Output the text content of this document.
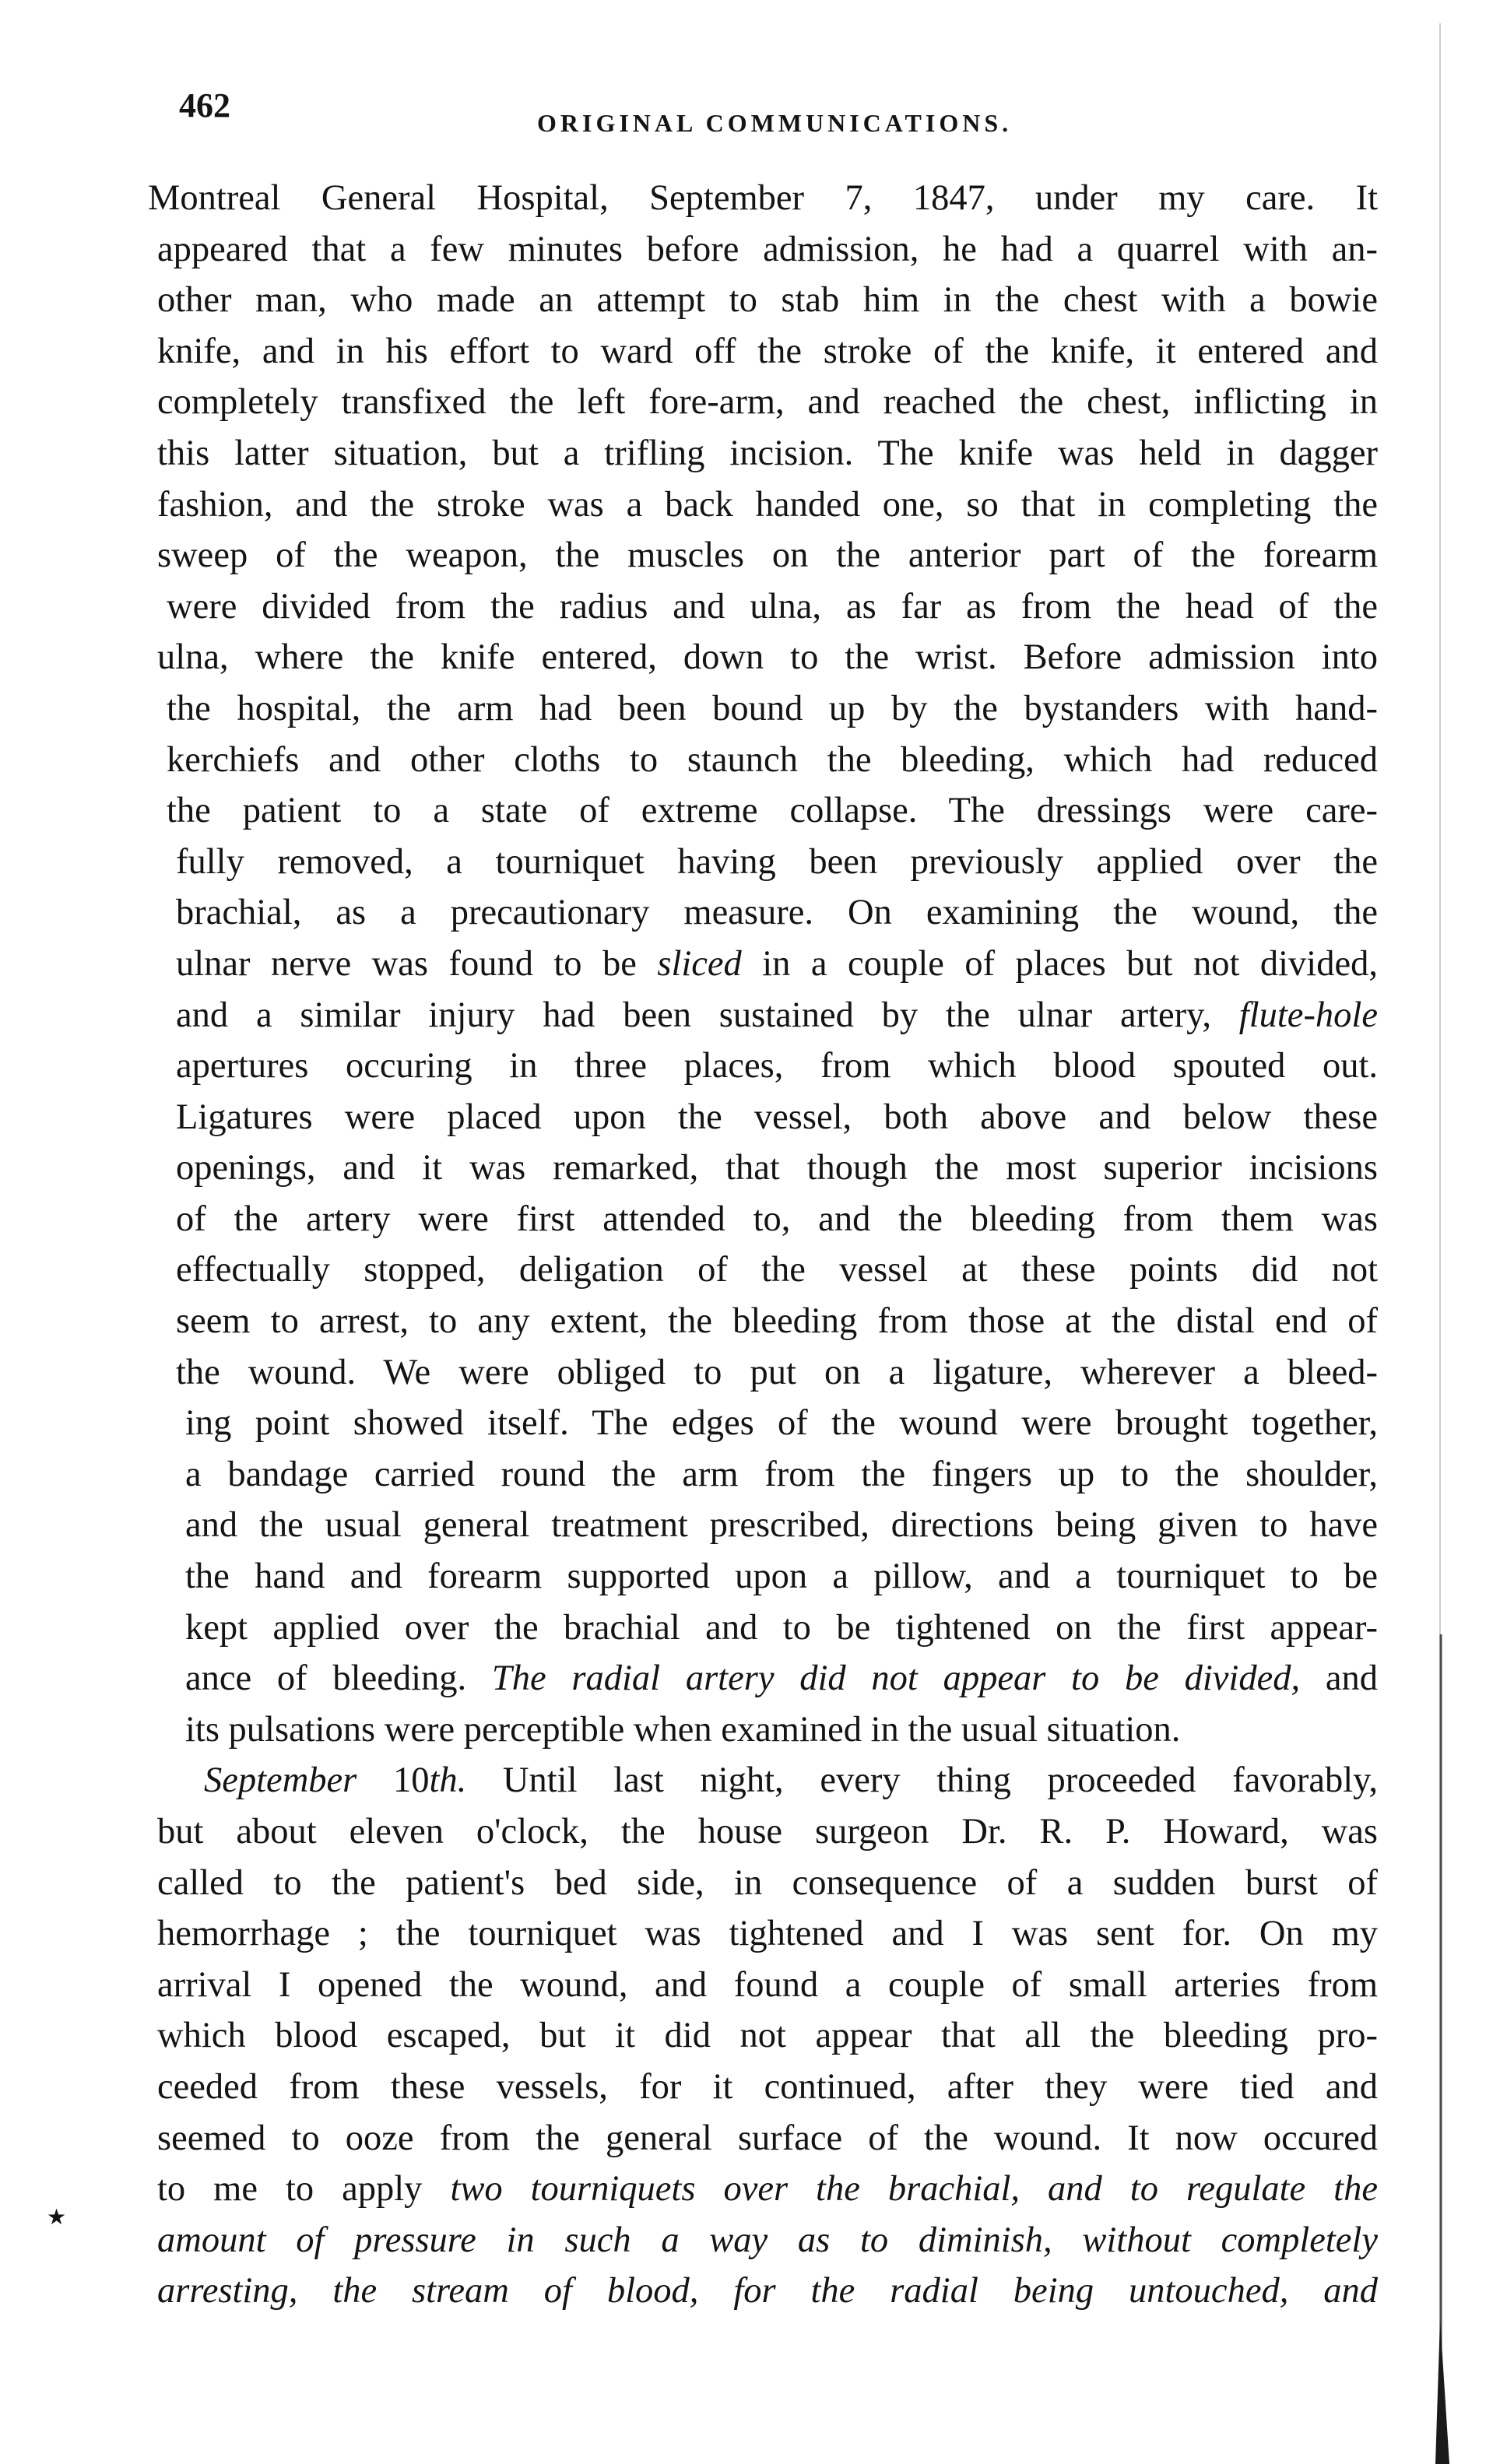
462	ORIGINAL COMMUNICATIONS.
Montreal General Hospital, September 7, 1847, under my care. It
appeared that a few minutes before admission, he had a quarrel with an-
other man, who made an attempt to stab him in the chest with a bowie
knife, and in his effort to ward off the stroke of the knife, it entered and
completely transfixed the left fore-arm, and reached the chest, inflicting in
this latter situation, but a trifling incision. The knife was held in dagger
fashion, and the stroke was a back handed one, so that in completing the
sweep of the weapon, the muscles on the anterior part of the forearm
were divided from the radius and ulna, as far as from the head of the
ulna, where the knife entered, down to the wrist. Before admission into
the hospital, the arm had been bound up by the bystanders with hand-
kerchiefs and other cloths to staunch the bleeding, which had reduced
the patient to a state of extreme collapse. The dressings were care-
fully removed, a tourniquet having been previously applied over the
brachial, as a precautionary measure. On examining the wound, the
ulnar nerve was found to be sliced in a couple of places but not divided,
and a similar injury had been sustained by the ulnar artery, flute-hole
apertures occuring in three places, from which blood spouted out.
Ligatures were placed upon the vessel, both above and below these
openings, and it was remarked, that though the most superior incisions
of the artery were first attended to, and the bleeding from them was
effectually stopped, deligation of the vessel at these points did not
seem to arrest, to any extent, the bleeding from those at the distal end of
the wound. We were obliged to put on a ligature, wherever a bleed-
ing point showed itself. The edges of the wound were brought together,
a bandage carried round the arm from the fingers up to the shoulder,
and the usual general treatment prescribed, directions being given to have
the hand and forearm supported upon a pillow, and a tourniquet to be
kept applied over the brachial and to be tightened on the first appear-
ance of bleeding. The radial artery did not appear to be divided, and
its pulsations were perceptible when examined in the usual situation.
September 10th. Until last night, every thing proceeded favorably,
but about eleven o'clock, the house surgeon Dr. R. P. Howard, was
called to the patient's bed side, in consequence of a sudden burst of
hemorrhage ; the tourniquet was tightened and I was sent for. On my
arrival I opened the wound, and found a couple of small arteries from
which blood escaped, but it did not appear that all the bleeding pro-
ceeded from these vessels, for it continued, after they were tied and
seemed to ooze from the general surface of the wound. It now occured
to me to apply two tourniquets over the brachial, and to regulate the
amount of pressure in such a way as to diminish, without completely
arresting, the stream of blood, for the radial being untouched, and
★
